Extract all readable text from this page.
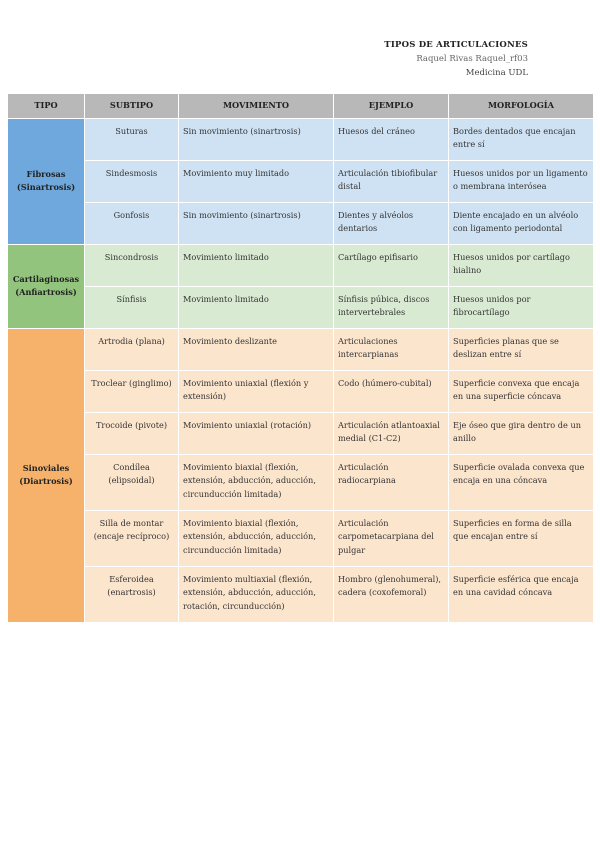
TIPOS DE ARTICULACIONES
Raquel Rivas Raquel_rf03
Medicina UDL
TIPO	SUBTIPO	MOVIMIENTO	EJEMPLO	MORFOLOGÍA

Fibrosas
(Sinartrosis)	Suturas	Sin movimiento (sinartrosis)	Huesos del cráneo	Bordes dentados que encajan entre sí
	Sindesmosis	Movimiento muy limitado	Articulación tibiofibular distal	Huesos unidos por un ligamento o membrana interósea
	Gonfosis	Sin movimiento (sinartrosis)	Dientes y alvéolos dentarios	Diente encajado en un alvéolo con ligamento periodontal

Cartilaginosas
(Anfiartrosis)	Sincondrosis	Movimiento limitado	Cartílago epifisario	Huesos unidos por cartílago hialino
	Sínfisis	Movimiento limitado	Sínfisis púbica, discos intervertebrales	Huesos unidos por fibrocartílago

Sinoviales
(Diartrosis)	Artrodia (plana)	Movimiento deslizante	Articulaciones intercarpianas	Superficies planas que se deslizan entre sí
	Troclear (ginglimo)	Movimiento uniaxial (flexión y extensión)	Codo (húmero-cubital)	Superficie convexa que encaja en una superficie cóncava
	Trocoide (pivote)	Movimiento uniaxial (rotación)	Articulación atlantoaxial medial (C1-C2)	Eje óseo que gira dentro de un anillo
	Condílea (elipsoidal)	Movimiento biaxial (flexión, extensión, abducción, aducción, circunducción limitada)	Articulación radiocarpiana	Superficie ovalada convexa que encaja en una cóncava
	Silla de montar (encaje recíproco)	Movimiento biaxial (flexión, extensión, abducción, aducción, circunducción limitada)	Articulación carpometacarpiana del pulgar	Superficies en forma de silla que encajan entre sí
	Esferoidea (enartrosis)	Movimiento multiaxial (flexión, extensión, abducción, aducción, rotación, circunducción)	Hombro (glenohumeral), cadera (coxofemoral)	Superficie esférica que encaja en una cavidad cóncava
